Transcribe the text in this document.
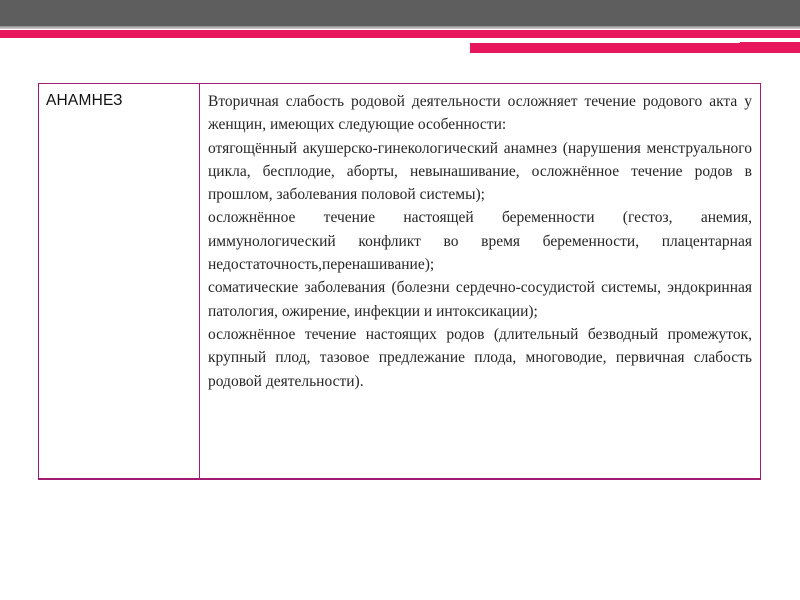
АНАМНЕЗ	Вторичная слабость родовой деятельности осложняет течение родового акта у женщин, имеющих следующие особенности:

отягощённый акушерско-гинекологический анамнез (нарушения менструального цикла, бесплодие, аборты, невынашивание, осложнённое течение родов в прошлом, заболевания половой системы);

осложнённое течение настоящей беременности (гестоз, анемия, иммунологический конфликт во время беременности, плацентарная недостаточность,перенашивание);

соматические заболевания (болезни сердечно-сосудистой системы, эндокринная патология, ожирение, инфекции и интоксикации);

осложнённое течение настоящих родов (длительный безводный промежуток, крупный плод, тазовое предлежание плода, многоводие, первичная слабость родовой деятельности).
